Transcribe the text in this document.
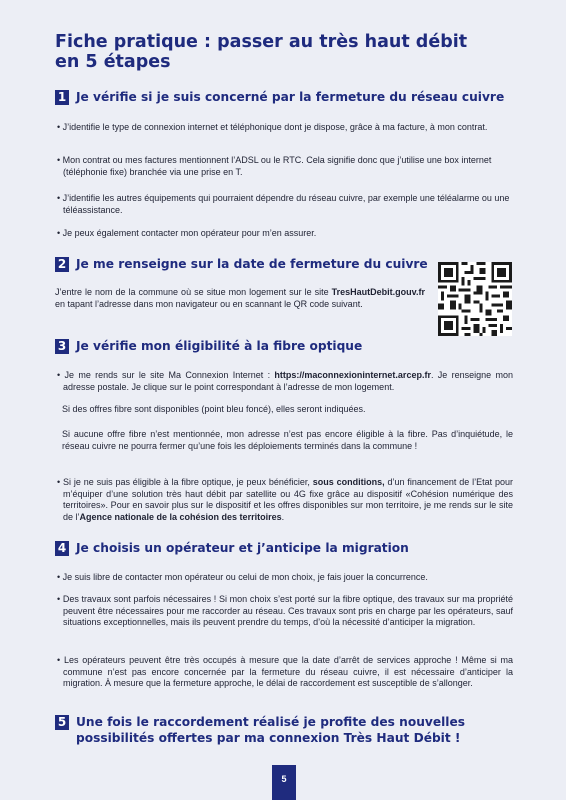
Fiche pratique : passer au très haut débit
en 5 étapes
1 Je vérifie si je suis concerné par la fermeture du réseau cuivre
• J’identifie le type de connexion internet et téléphonique dont je dispose, grâce à ma facture, à mon contrat.
• Mon contrat ou mes factures mentionnent l’ADSL ou le RTC. Cela signifie donc que j’utilise une box internet (téléphonie fixe) branchée via une prise en T.
• J’identifie les autres équipements qui pourraient dépendre du réseau cuivre, par exemple une téléalarme ou une téléassistance.
• Je peux également contacter mon opérateur pour m’en assurer.
2 Je me renseigne sur la date de fermeture du cuivre
J’entre le nom de la commune où se situe mon logement sur le site TresHautDebit.gouv.fr en tapant l’adresse dans mon navigateur ou en scannant le QR code suivant.
3 Je vérifie mon éligibilité à la fibre optique
• Je me rends sur le site Ma Connexion Internet : https://maconnexioninternet.arcep.fr. Je renseigne mon adresse postale. Je clique sur le point correspondant à l’adresse de mon logement.
Si des offres fibre sont disponibles (point bleu foncé), elles seront indiquées.
Si aucune offre fibre n’est mentionnée, mon adresse n’est pas encore éligible à la fibre. Pas d’inquiétude, le réseau cuivre ne pourra fermer qu’une fois les déploiements terminés dans la commune !
• Si je ne suis pas éligible à la fibre optique, je peux bénéficier, sous conditions, d’un financement de l’Etat pour m’équiper d’une solution très haut débit par satellite ou 4G fixe grâce au dispositif «Cohésion numérique des territoires». Pour en savoir plus sur le dispositif et les offres disponibles sur mon territoire, je me rends sur le site de l’Agence nationale de la cohésion des territoires.
4 Je choisis un opérateur et j’anticipe la migration
• Je suis libre de contacter mon opérateur ou celui de mon choix, je fais jouer la concurrence.
• Des travaux sont parfois nécessaires ! Si mon choix s’est porté sur la fibre optique, des travaux sur ma propriété peuvent être nécessaires pour me raccorder au réseau. Ces travaux sont pris en charge par les opérateurs, sauf situations exceptionnelles, mais ils peuvent prendre du temps, d’où la nécessité d’anticiper la migration.
• Les opérateurs peuvent être très occupés à mesure que la date d’arrêt de services approche ! Même si ma commune n’est pas encore concernée par la fermeture du réseau cuivre, il est nécessaire d’anticiper la migration. À mesure que la fermeture approche, le délai de raccordement est susceptible de s’allonger.
5 Une fois le raccordement réalisé je profite des nouvelles
possibilités offertes par ma connexion Très Haut Débit !
5
